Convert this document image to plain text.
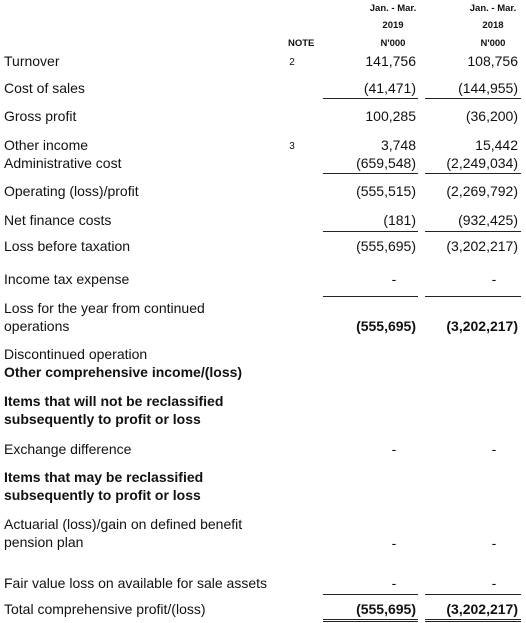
Jan. - Mar.	Jan. - Mar.
2019	2018
NOTE	N'000	N'000
Turnover	2	141,756	108,756
Cost of sales	(41,471)	(144,955)
Gross profit	100,285	(36,200)
Other income	3	3,748	15,442
Administrative cost	(659,548) (2,249,034)
Operating (loss)/profit	(555,515) (2,269,792)
Net finance costs	(181)	(932,425)
Loss before taxation	(555,695) (3,202,217)
Income tax expense	-	-
Loss for the year from continued
operations	(555,695) (3,202,217)
Discontinued operation
Other comprehensive income/(loss)
Items that will not be reclassified
subsequently to profit or loss
Exchange difference	-	-
Items that may be reclassified
subsequently to profit or loss
Actuarial (loss)/gain on defined benefit
pension plan	-	-
Fair value loss on available for sale assets	-	-
Total comprehensive profit/(loss)	(555,695) (3,202,217)
